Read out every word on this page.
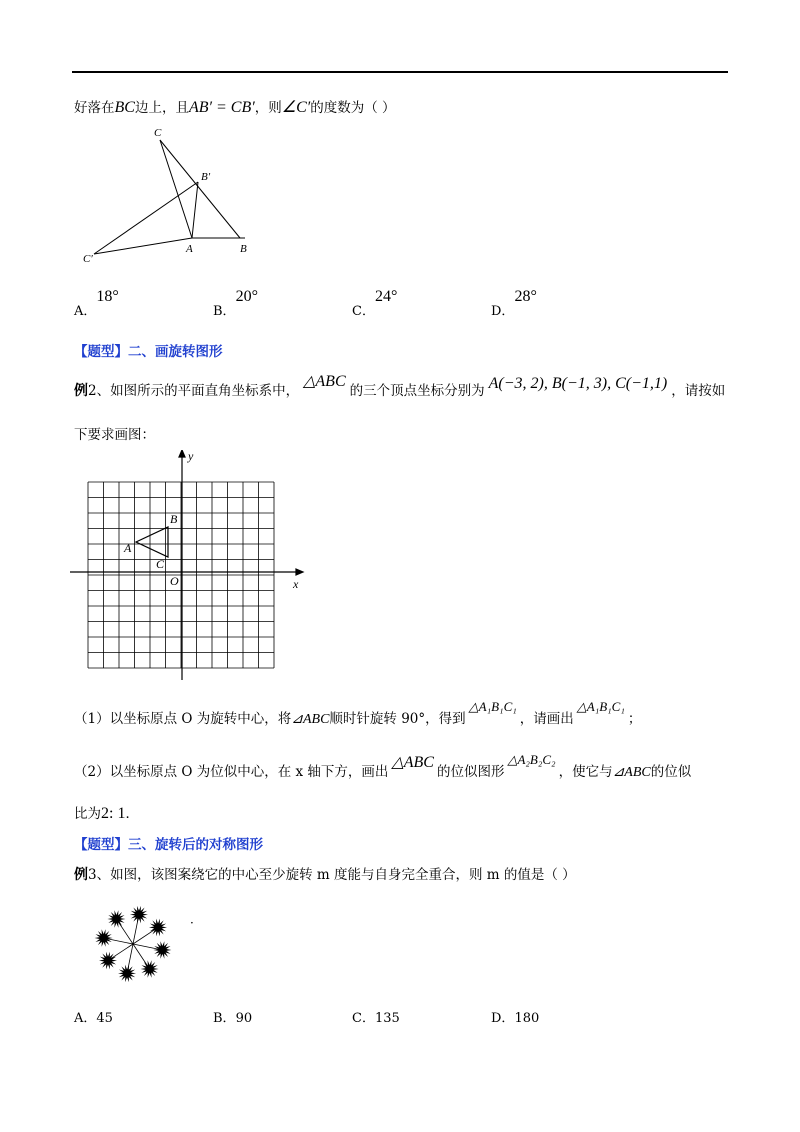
好落在BC边上，且AB′ = CB′，则∠C′的度数为（ ）
C
B′
C′
A	B
A．18°
B．20°
C．24°
D．28°
【题型】二、画旋转图形
例2、如图所示的平面直角坐标系中，△ABC的三个顶点坐标分别为 A(−3, 2), B(−1, 3), C(−1,1) ，请按如
下要求画图：
y
x
O
A
B
C
（1）以坐标原点 O 为旋转中心，将⊿ABC顺时针旋转 90°，得到△A₁B₁C₁，请画出△A₁B₁C₁；
（2）以坐标原点 O 为位似中心，在 x 轴下方，画出△ABC的位似图形△A₂B₂C₂，使它与⊿ABC的位似
比为2: 1．
【题型】三、旋转后的对称图形
例3、如图，该图案绕它的中心至少旋转 m 度能与自身完全重合，则 m 的值是（ ）
·
A．45	B．90	C．135	D．180
